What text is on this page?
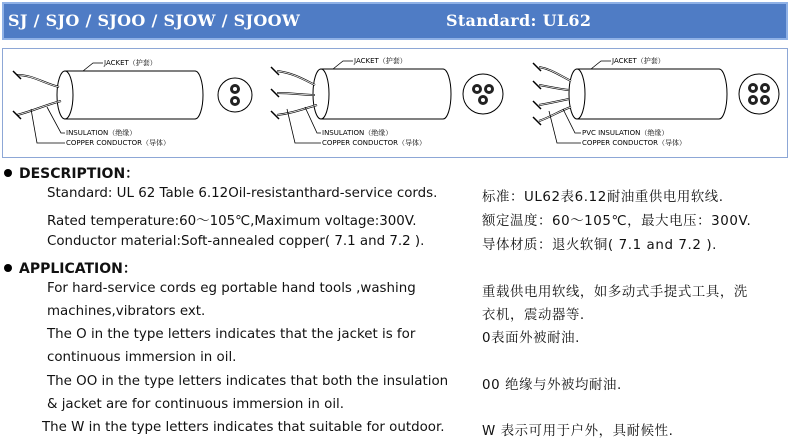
SJ / SJO / SJOO / SJOW / SJOOW	Standard: UL62
JACKET（护套）
INSULATION（绝缘）
COPPER CONDUCTOR（导体）
JACKET（护套）
INSULATION（绝缘）
COPPER CONDUCTOR（导体）
JACKET（护套）
PVC INSULATION（绝缘）
COPPER CONDUCTOR（导体）
DESCRIPTION：
Standard: UL 62 Table 6.12Oil-resistanthard-service cords.	标准：UL62表6.12耐油重供电用软线.
Rated temperature:60～105℃,Maximum voltage:300V.	额定温度：60～105℃，最大电压：300V.
Conductor material:Soft-annealed copper( 7.1 and 7.2 ).	导体材质：退火软铜( 7.1 and 7.2 ).
APPLICATION：
For hard-service cords eg portable hand tools ,washing	重载供电用软线，如多动式手提式工具，洗
machines,vibrators ext.	衣机，震动器等.
The O in the type letters indicates that the jacket is for	0表面外被耐油.
continuous immersion in oil.
The OO in the type letters indicates that both the insulation	00 绝缘与外被均耐油.
& jacket are for continuous immersion in oil.
The W in the type letters indicates that suitable for outdoor.	W 表示可用于户外，具耐候性.
